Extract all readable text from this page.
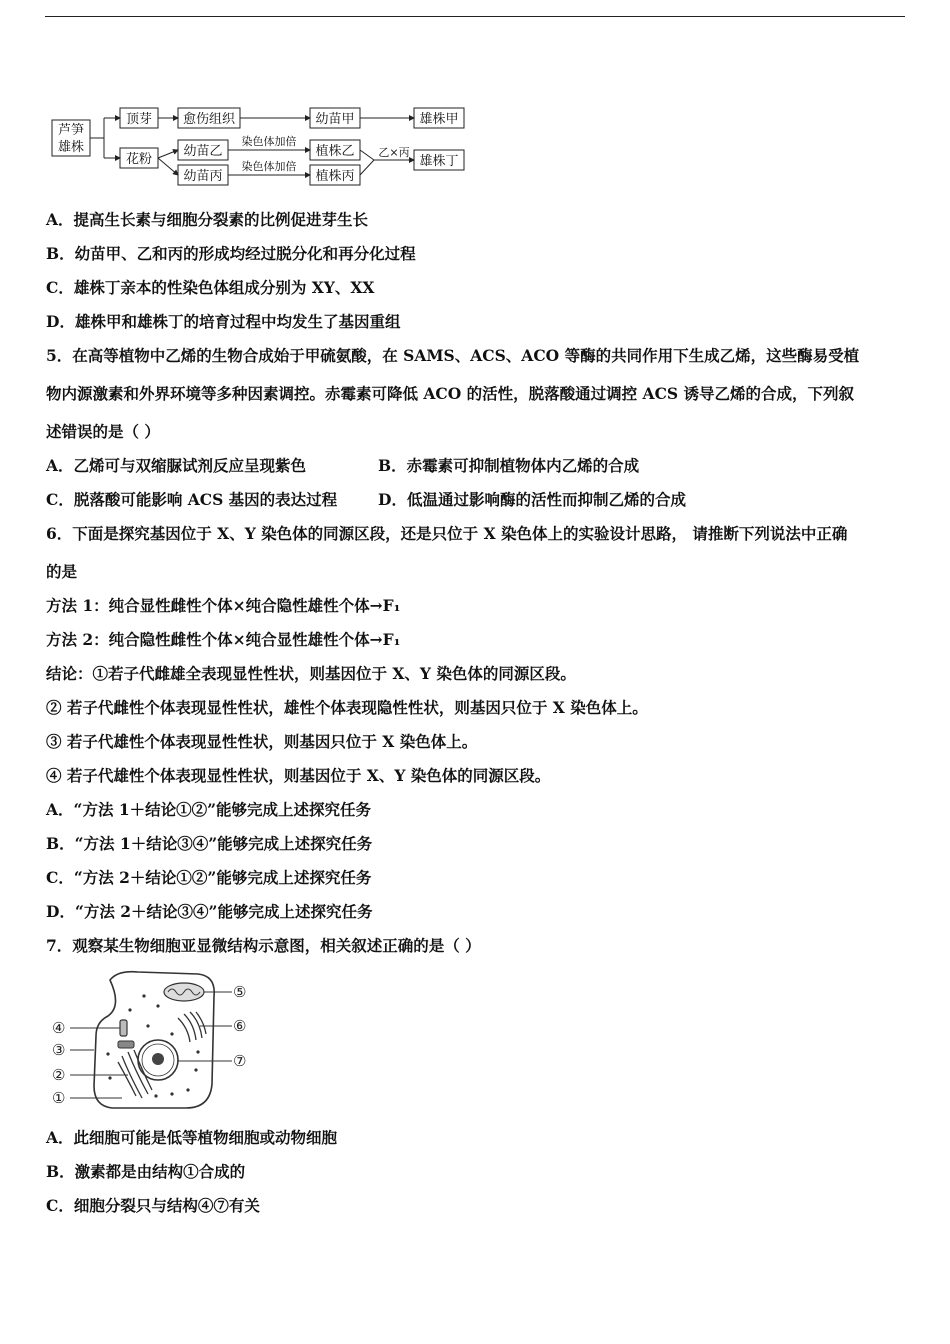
芦笋
雄株
顶芽 愈伤组织	幼苗甲	雄株甲
花粉
幼苗乙
幼苗丙
植株乙
植株丙
雄株丁
染色体加倍
染色体加倍
乙×丙
A．提高生长素与细胞分裂素的比例促进芽生长
B．幼苗甲、乙和丙的形成均经过脱分化和再分化过程
C．雄株丁亲本的性染色体组成分别为 XY、XX
D．雄株甲和雄株丁的培育过程中均发生了基因重组
5．在高等植物中乙烯的生物合成始于甲硫氨酸，在 SAMS、ACS、ACO 等酶的共同作用下生成乙烯，这些酶易受植
物内源激素和外界环境等多种因素调控。赤霉素可降低 ACO 的活性，脱落酸通过调控 ACS 诱导乙烯的合成，下列叙
述错误的是（ ）
A．乙烯可与双缩脲试剂反应呈现紫色	B．赤霉素可抑制植物体内乙烯的合成
C．脱落酸可能影响 ACS 基因的表达过程	D．低温通过影响酶的活性而抑制乙烯的合成
6．下面是探究基因位于 X、Y 染色体的同源区段，还是只位于 X 染色体上的实验设计思路， 请推断下列说法中正确
的是
方法 1：纯合显性雌性个体×纯合隐性雄性个体→F₁
方法 2：纯合隐性雌性个体×纯合显性雄性个体→F₁
结论：①若子代雌雄全表现显性性状，则基因位于 X、Y 染色体的同源区段。
② 若子代雌性个体表现显性性状，雄性个体表现隐性性状，则基因只位于 X 染色体上。
③ 若子代雄性个体表现显性性状，则基因只位于 X 染色体上。
④ 若子代雄性个体表现显性性状，则基因位于 X、Y 染色体的同源区段。
A．“方法 1＋结论①②”能够完成上述探究任务
B．“方法 1＋结论③④”能够完成上述探究任务
C．“方法 2＋结论①②”能够完成上述探究任务
D．“方法 2＋结论③④”能够完成上述探究任务
7．观察某生物细胞亚显微结构示意图，相关叙述正确的是（ ）
①
②
③
④
⑤
⑥
⑦
A．此细胞可能是低等植物细胞或动物细胞
B．激素都是由结构①合成的
C．细胞分裂只与结构④⑦有关
